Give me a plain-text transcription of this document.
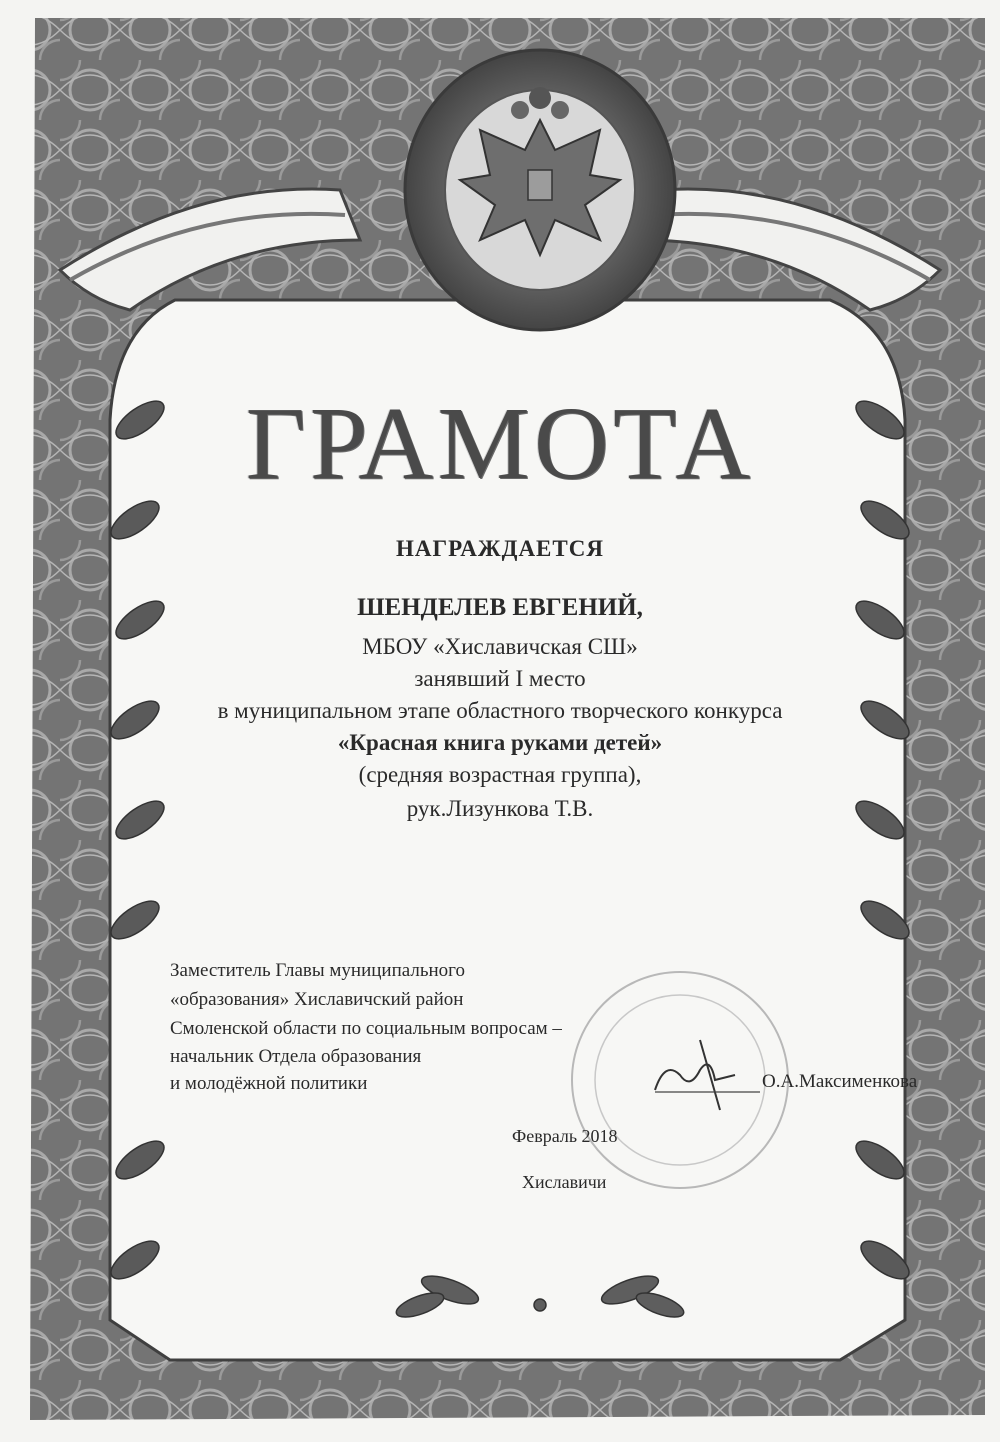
ГРАМОТА
НАГРАЖДАЕТСЯ
ШЕНДЕЛЕВ ЕВГЕНИЙ,
МБОУ «Хиславичская СШ»
занявший I место
в муниципальном этапе областного творческого конкурса
«Красная книга руками детей»
(средняя возрастная группа),
рук.Лизункова Т.В.
Заместитель Главы муниципального
«образования» Хиславичский район
Смоленской области по социальным вопросам –
начальник Отдела образования
и молодёжной политики	О.А.Максименкова
Февраль 2018
Хиславичи
